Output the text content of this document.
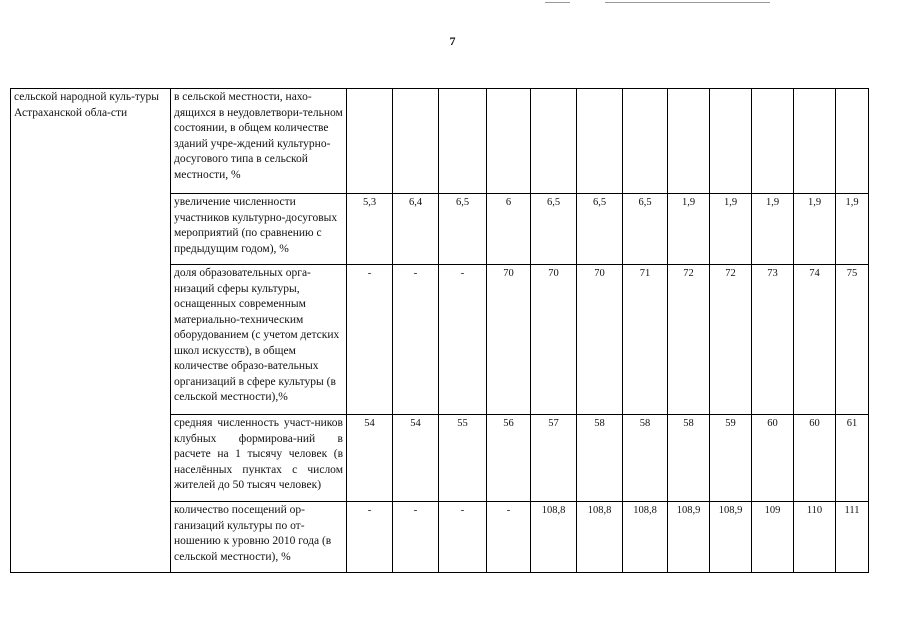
7
сельской народной куль-туры Астраханской обла-сти	в сельской местности, нахо-дящихся в неудовлетвори-тельном состоянии, в общем количестве зданий учре-ждений культурно-досугового типа в сельской местности, %												
	увеличение численности участников культурно-досуговых мероприятий (по сравнению с предыдущим годом), %	5,3	6,4	6,5	6	6,5	6,5	6,5	1,9	1,9	1,9	1,9	1,9
	доля образовательных орга-низаций сферы культуры, оснащенных современным материально-техническим оборудованием (с учетом детских школ искусств), в общем количестве образо-вательных организаций в сфере культуры (в сельской местности),%	-	-	-	70	70	70	71	72	72	73	74	75
	средняя численность участ-ников клубных формирова-ний в расчете на 1 тысячу человек (в населённых пунктах с числом жителей до 50 тысяч человек)	54	54	55	56	57	58	58	58	59	60	60	61
	количество посещений ор-ганизаций культуры по от-ношению к уровню 2010 года (в сельской местности), %	-	-	-	-	108,8	108,8	108,8	108,9	108,9	109	110	111
